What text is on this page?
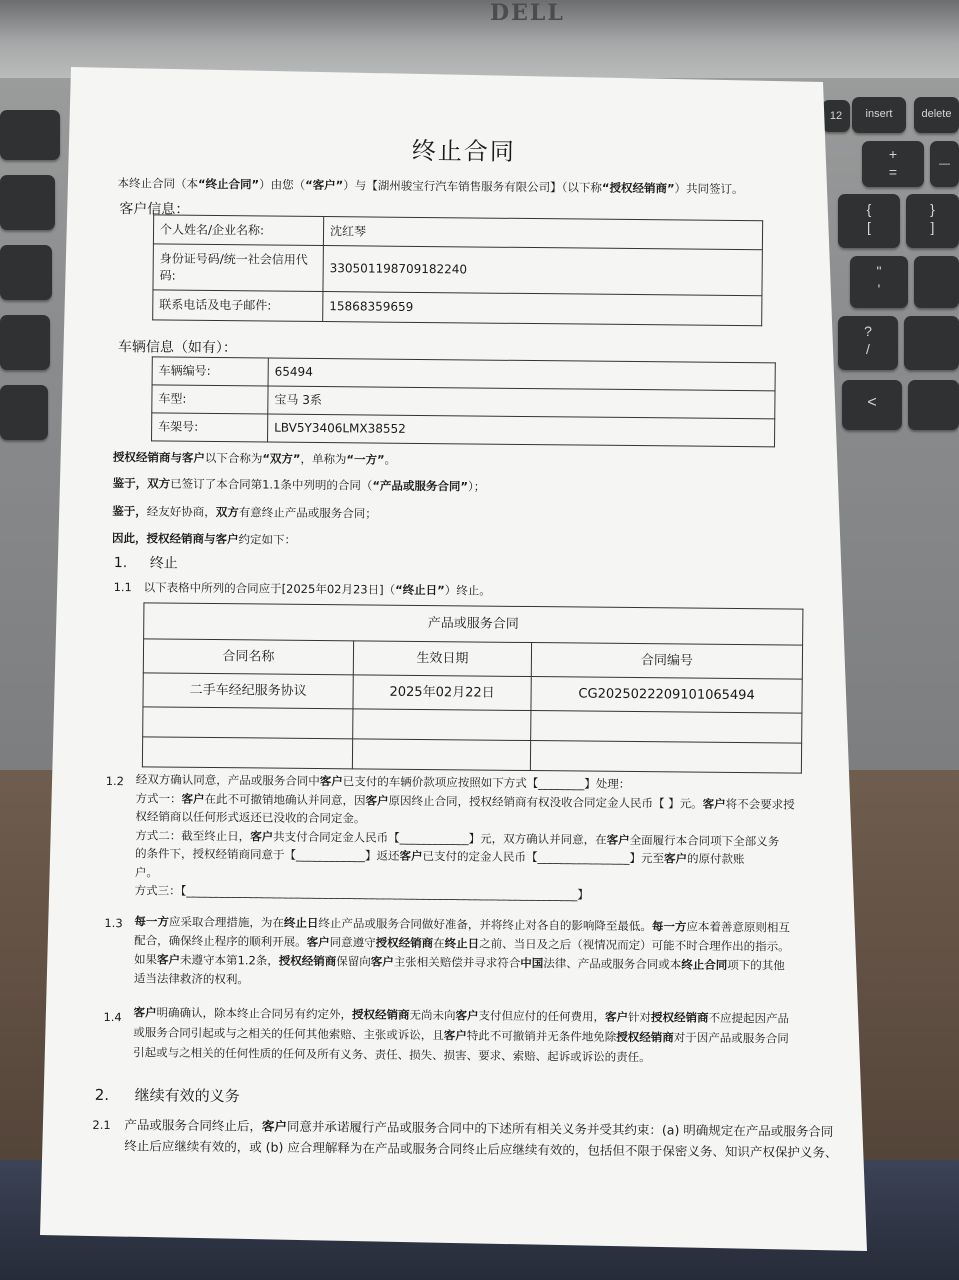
DELL
12	insert	delete
+
=
—
{
[
}
]
"
'
?
/
<
终止合同
本终止合同（本“终止合同”）由您（“客户”）与【湖州骏宝行汽车销售服务有限公司】（以下称“授权经销商”）共同签订。
客户信息：
个人姓名/企业名称:	沈红琴
身份证号码/统一社会信用代码:	330501198709182240
联系电话及电子邮件:	15868359659
车辆信息（如有）：
车辆编号:	65494
车型:	宝马 3系
车架号:	LBV5Y3406LMX38552
授权经销商与客户以下合称为“双方”，单称为“一方”。
鉴于，双方已签订了本合同第1.1条中列明的合同（“产品或服务合同”）；
鉴于，经友好协商，双方有意终止产品或服务合同；
因此，授权经销商与客户约定如下：
1. 终止
1.1 以下表格中所列的合同应于[2025年02月23日]（“终止日”）终止。
产品或服务合同		
合同名称	生效日期	合同编号
二手车经纪服务协议	2025年02月22日	CG2025022209101065494

1.2 经双方确认同意，产品或服务合同中客户已支付的车辆价款项应按照如下方式【________】处理：
方式一：客户在此不可撤销地确认并同意，因客户原因终止合同，授权经销商有权没收合同定金人民币【 】元。客户将不会要求授
权经销商以任何形式返还已没收的合同定金。
方式二：截至终止日，客户共支付合同定金人民币【____________】元，双方确认并同意，在客户全面履行本合同项下全部义务
的条件下，授权经销商同意于【____________】返还客户已支付的定金人民币【________________】元至客户的原付款账
户。
方式三：【____________________________________________________________________】
1.3 每一方应采取合理措施，为在终止日终止产品或服务合同做好准备，并将终止对各自的影响降至最低。每一方应本着善意原则相互
配合，确保终止程序的顺利开展。客户同意遵守授权经销商在终止日之前、当日及之后（视情况而定）可能不时合理作出的指示。
如果客户未遵守本第1.2条，授权经销商保留向客户主张相关赔偿并寻求符合中国法律、产品或服务合同或本终止合同项下的其他
适当法律救济的权利。
1.4 客户明确确认，除本终止合同另有约定外，授权经销商无尚未向客户支付但应付的任何费用，客户针对授权经销商不应提起因产品
或服务合同引起或与之相关的任何其他索赔、主张或诉讼，且客户特此不可撤销并无条件地免除授权经销商对于因产品或服务合同
引起或与之相关的任何性质的任何及所有义务、责任、损失、损害、要求、索赔、起诉或诉讼的责任。
2. 继续有效的义务
2.1 产品或服务合同终止后，客户同意并承诺履行产品或服务合同中的下述所有相关义务并受其约束：(a) 明确规定在产品或服务合同
终止后应继续有效的，或 (b) 应合理解释为在产品或服务合同终止后应继续有效的，包括但不限于保密义务、知识产权保护义务、
